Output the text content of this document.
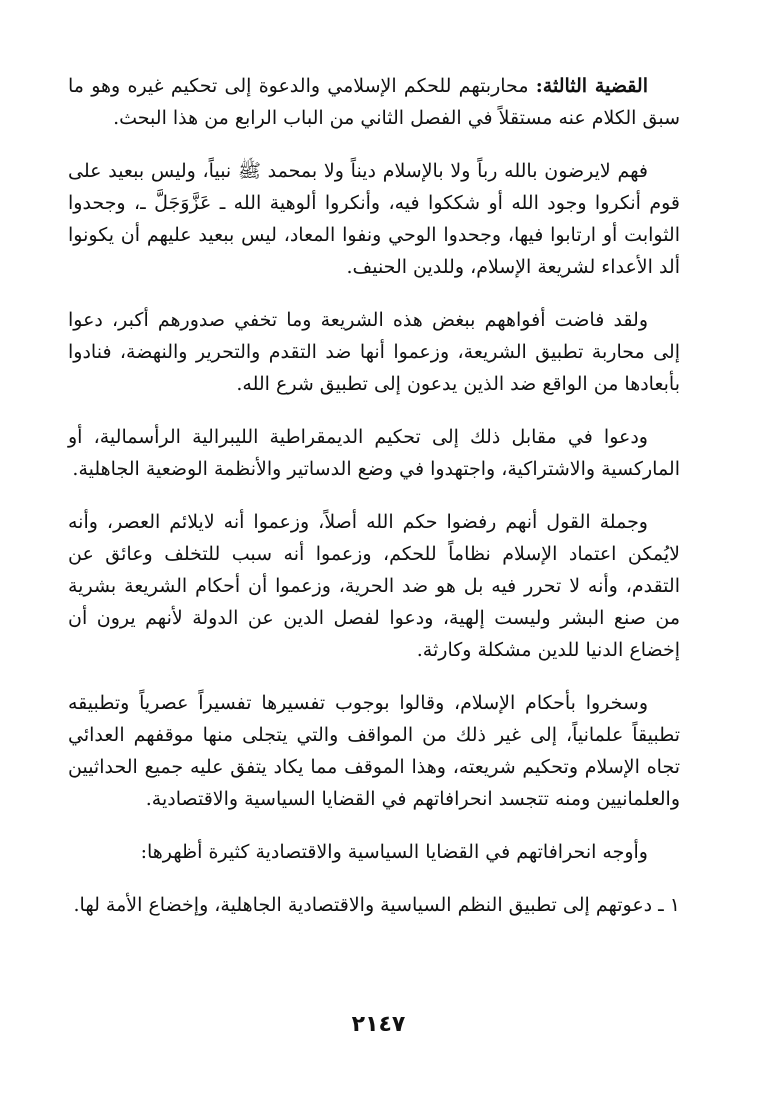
القضية الثالثة: محاربتهم للحكم الإسلامي والدعوة إلى تحكيم غيره وهو ما سبق الكلام عنه مستقلاً في الفصل الثاني من الباب الرابع من هذا البحث.

فهم لايرضون بالله رباً ولا بالإسلام ديناً ولا بمحمد ﷺ نبياً، وليس ببعيد على قوم أنكروا وجود الله أو شككوا فيه، وأنكروا ألوهية الله ـ عَزَّوَجَلَّ ـ، وجحدوا الثوابت أو ارتابوا فيها، وجحدوا الوحي ونفوا المعاد، ليس ببعيد عليهم أن يكونوا ألد الأعداء لشريعة الإسلام، وللدين الحنيف.

ولقد فاضت أفواههم ببغض هذه الشريعة وما تخفي صدورهم أكبر، دعوا إلى محاربة تطبيق الشريعة، وزعموا أنها ضد التقدم والتحرير والنهضة، فنادوا بأبعادها من الواقع ضد الذين يدعون إلى تطبيق شرع الله.

ودعوا في مقابل ذلك إلى تحكيم الديمقراطية الليبرالية الرأسمالية، أو الماركسية والاشتراكية، واجتهدوا في وضع الدساتير والأنظمة الوضعية الجاهلية.

وجملة القول أنهم رفضوا حكم الله أصلاً، وزعموا أنه لايلائم العصر، وأنه لايُمكن اعتماد الإسلام نظاماً للحكم، وزعموا أنه سبب للتخلف وعائق عن التقدم، وأنه لا تحرر فيه بل هو ضد الحرية، وزعموا أن أحكام الشريعة بشرية من صنع البشر وليست إلهية، ودعوا لفصل الدين عن الدولة لأنهم يرون أن إخضاع الدنيا للدين مشكلة وكارثة.

وسخروا بأحكام الإسلام، وقالوا بوجوب تفسيرها تفسيراً عصرياً وتطبيقه تطبيقاً علمانياً، إلى غير ذلك من المواقف والتي يتجلى منها موقفهم العدائي تجاه الإسلام وتحكيم شريعته، وهذا الموقف مما يكاد يتفق عليه جميع الحداثيين والعلمانيين ومنه تتجسد انحرافاتهم في القضايا السياسية والاقتصادية.

وأوجه انحرافاتهم في القضايا السياسية والاقتصادية كثيرة أظهرها:

١ ـ دعوتهم إلى تطبيق النظم السياسية والاقتصادية الجاهلية، وإخضاع الأمة لها.

٢١٤٧
